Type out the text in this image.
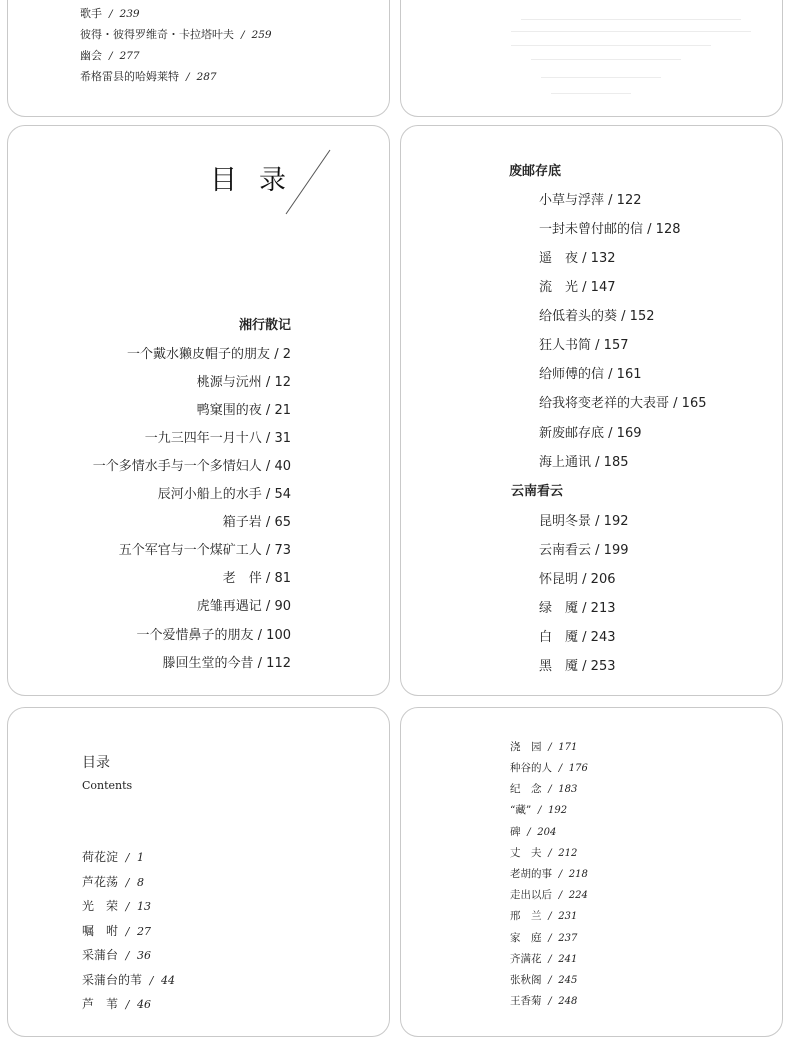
歌手 / 239
彼得・彼得罗维奇・卡拉塔叶夫 / 259
幽会 / 277
希格雷县的哈姆莱特 / 287
目录
湘行散记
一个戴水獭皮帽子的朋友 / 2
桃源与沅州 / 12
鸭窠围的夜 / 21
一九三四年一月十八 / 31
一个多情水手与一个多情妇人 / 40
辰河小船上的水手 / 54
箱子岩 / 65
五个军官与一个煤矿工人 / 73
老　伴 / 81
虎雏再遇记 / 90
一个爱惜鼻子的朋友 / 100
滕回生堂的今昔 / 112
废邮存底
小草与浮萍 / 122
一封未曾付邮的信 / 128
遥　夜 / 132
流　光 / 147
给低着头的葵 / 152
狂人书简 / 157
给师傅的信 / 161
给我将变老祥的大表哥 / 165
新废邮存底 / 169
海上通讯 / 185
云南看云
昆明冬景 / 192
云南看云 / 199
怀昆明 / 206
绿　魇 / 213
白　魇 / 243
黑　魇 / 253
目录
Contents
荷花淀 / 1
芦花荡 / 8
光　荣 / 13
嘱　咐 / 27
采蒲台 / 36
采蒲台的苇 / 44
芦　苇 / 46
浇　园 / 171
种谷的人 / 176
纪　念 / 183
“藏” / 192
碑 / 204
丈　夫 / 212
老胡的事 / 218
走出以后 / 224
邢　兰 / 231
家　庭 / 237
齐满花 / 241
张秋阁 / 245
王香菊 / 248
